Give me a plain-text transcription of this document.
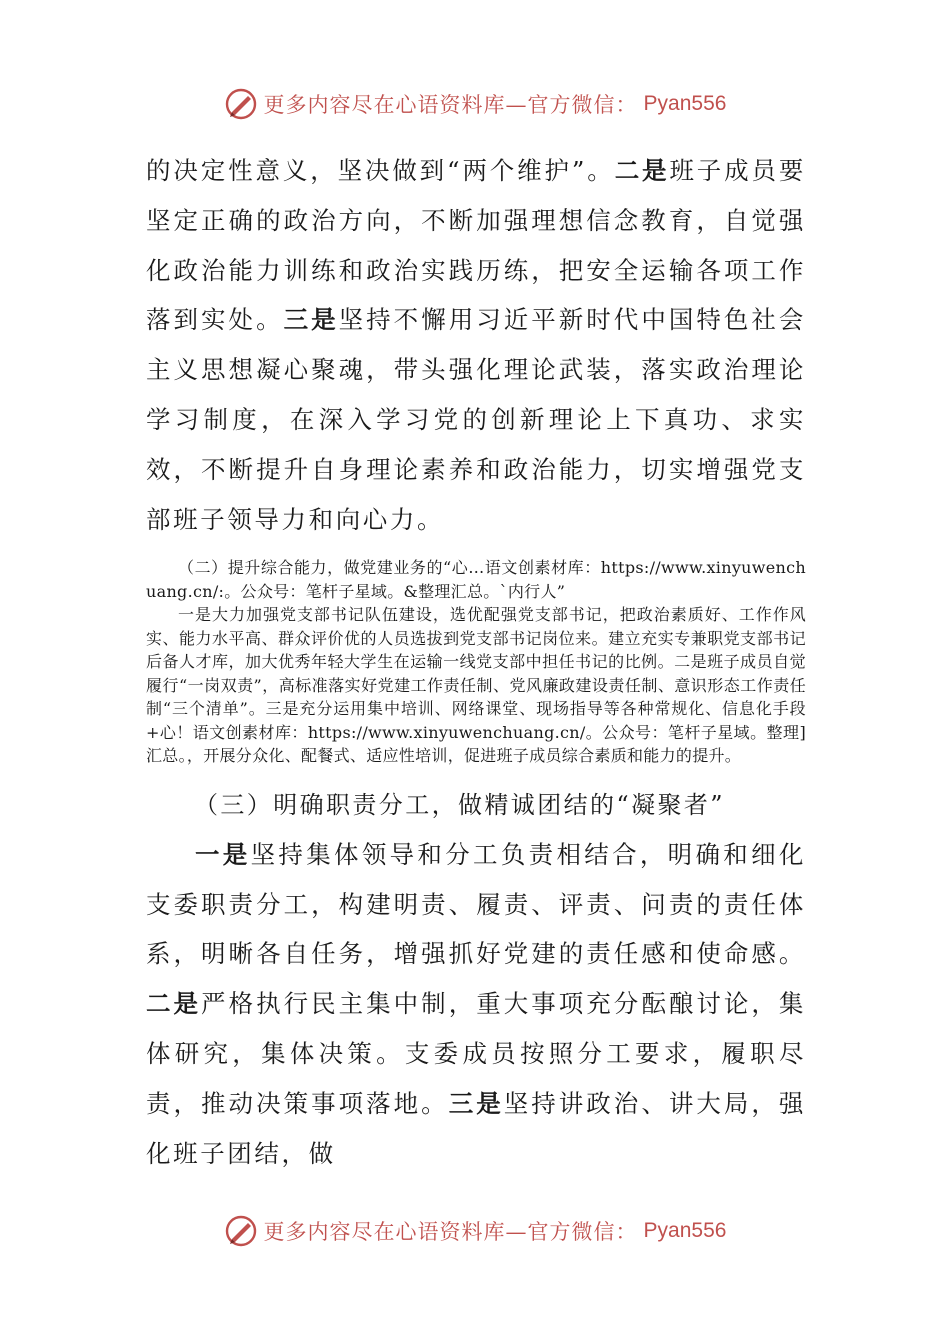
更多内容尽在心语资料库—官方微信： Pyan556

的决定性意义，坚决做到“两个维护”。二是班子成员要坚定正确的政治方向，不断加强理想信念教育，自觉强化政治能力训练和政治实践历练，把安全运输各项工作落到实处。三是坚持不懈用习近平新时代中国特色社会主义思想凝心聚魂，带头强化理论武装，落实政治理论学习制度，在深入学习党的创新理论上下真功、求实效，不断提升自身理论素养和政治能力，切实增强党支部班子领导力和向心力。

（二）提升综合能力，做党建业务的“心…语文创素材库：https://www.xinyuwenchuang.cn/:。公众号：笔杆子星域。&整理汇总。`内行人”

一是大力加强党支部书记队伍建设，选优配强党支部书记，把政治素质好、工作作风实、能力水平高、群众评价优的人员选拔到党支部书记岗位来。建立充实专兼职党支部书记后备人才库，加大优秀年轻大学生在运输一线党支部中担任书记的比例。二是班子成员自觉履行“一岗双责”，高标准落实好党建工作责任制、党风廉政建设责任制、意识形态工作责任制“三个清单”。三是充分运用集中培训、网络课堂、现场指导等各种常规化、信息化手段+心！语文创素材库：https://www.xinyuwenchuang.cn/。公众号：笔杆子星域。整理]汇总。，开展分众化、配餐式、适应性培训，促进班子成员综合素质和能力的提升。

（三）明确职责分工，做精诚团结的“凝聚者”

一是坚持集体领导和分工负责相结合，明确和细化支委职责分工，构建明责、履责、评责、问责的责任体系，明晰各自任务，增强抓好党建的责任感和使命感。二是严格执行民主集中制，重大事项充分酝酿讨论，集体研究，集体决策。支委成员按照分工要求，履职尽责，推动决策事项落地。三是坚持讲政治、讲大局，强化班子团结，做

更多内容尽在心语资料库—官方微信： Pyan556
